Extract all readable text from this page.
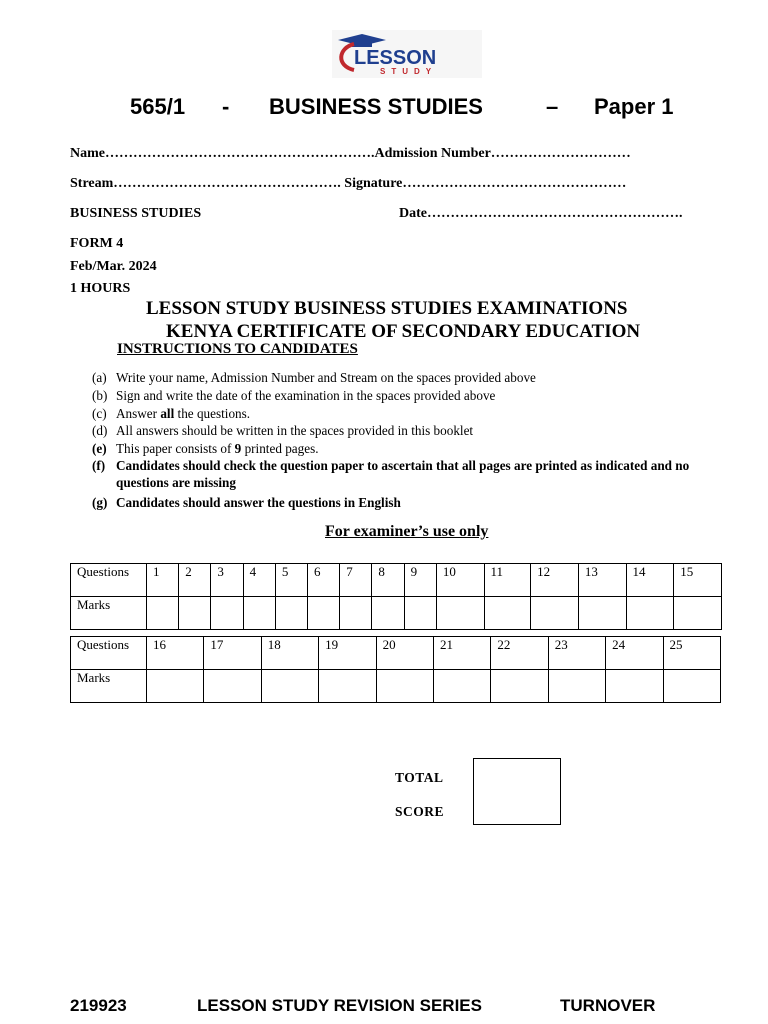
LESSON
STUDY
565/1 - BUSINESS STUDIES	– Paper 1
Name………………………………………………….Admission Number…………………………
Stream…………………………………………. Signature…………………………………………
BUSINESS STUDIES	Date……………………………………………….
FORM 4
Feb/Mar. 2024
1 HOURS
LESSON STUDY BUSINESS STUDIES EXAMINATIONS
KENYA CERTIFICATE OF SECONDARY EDUCATION
INSTRUCTIONS TO CANDIDATES
(a) Write your name, Admission Number and Stream on the spaces provided above
(b) Sign and write the date of the examination in the spaces provided above
(c) Answer all the questions.
(d) All answers should be written in the spaces provided in this booklet
(e) This paper consists of 9 printed pages.
(f) Candidates should check the question paper to ascertain that all pages are printed as indicated and no
questions are missing
(g) Candidates should answer the questions in English
For examiner’s use only
Questions	1	2	3	4	5	6	7	8	9	10	11	12	13	14	15
Marks															
Questions	16	17	18	19	20	21	22	23	24	25
Marks										
TOTAL
SCORE
219923	LESSON STUDY REVISION SERIES	TURNOVER
